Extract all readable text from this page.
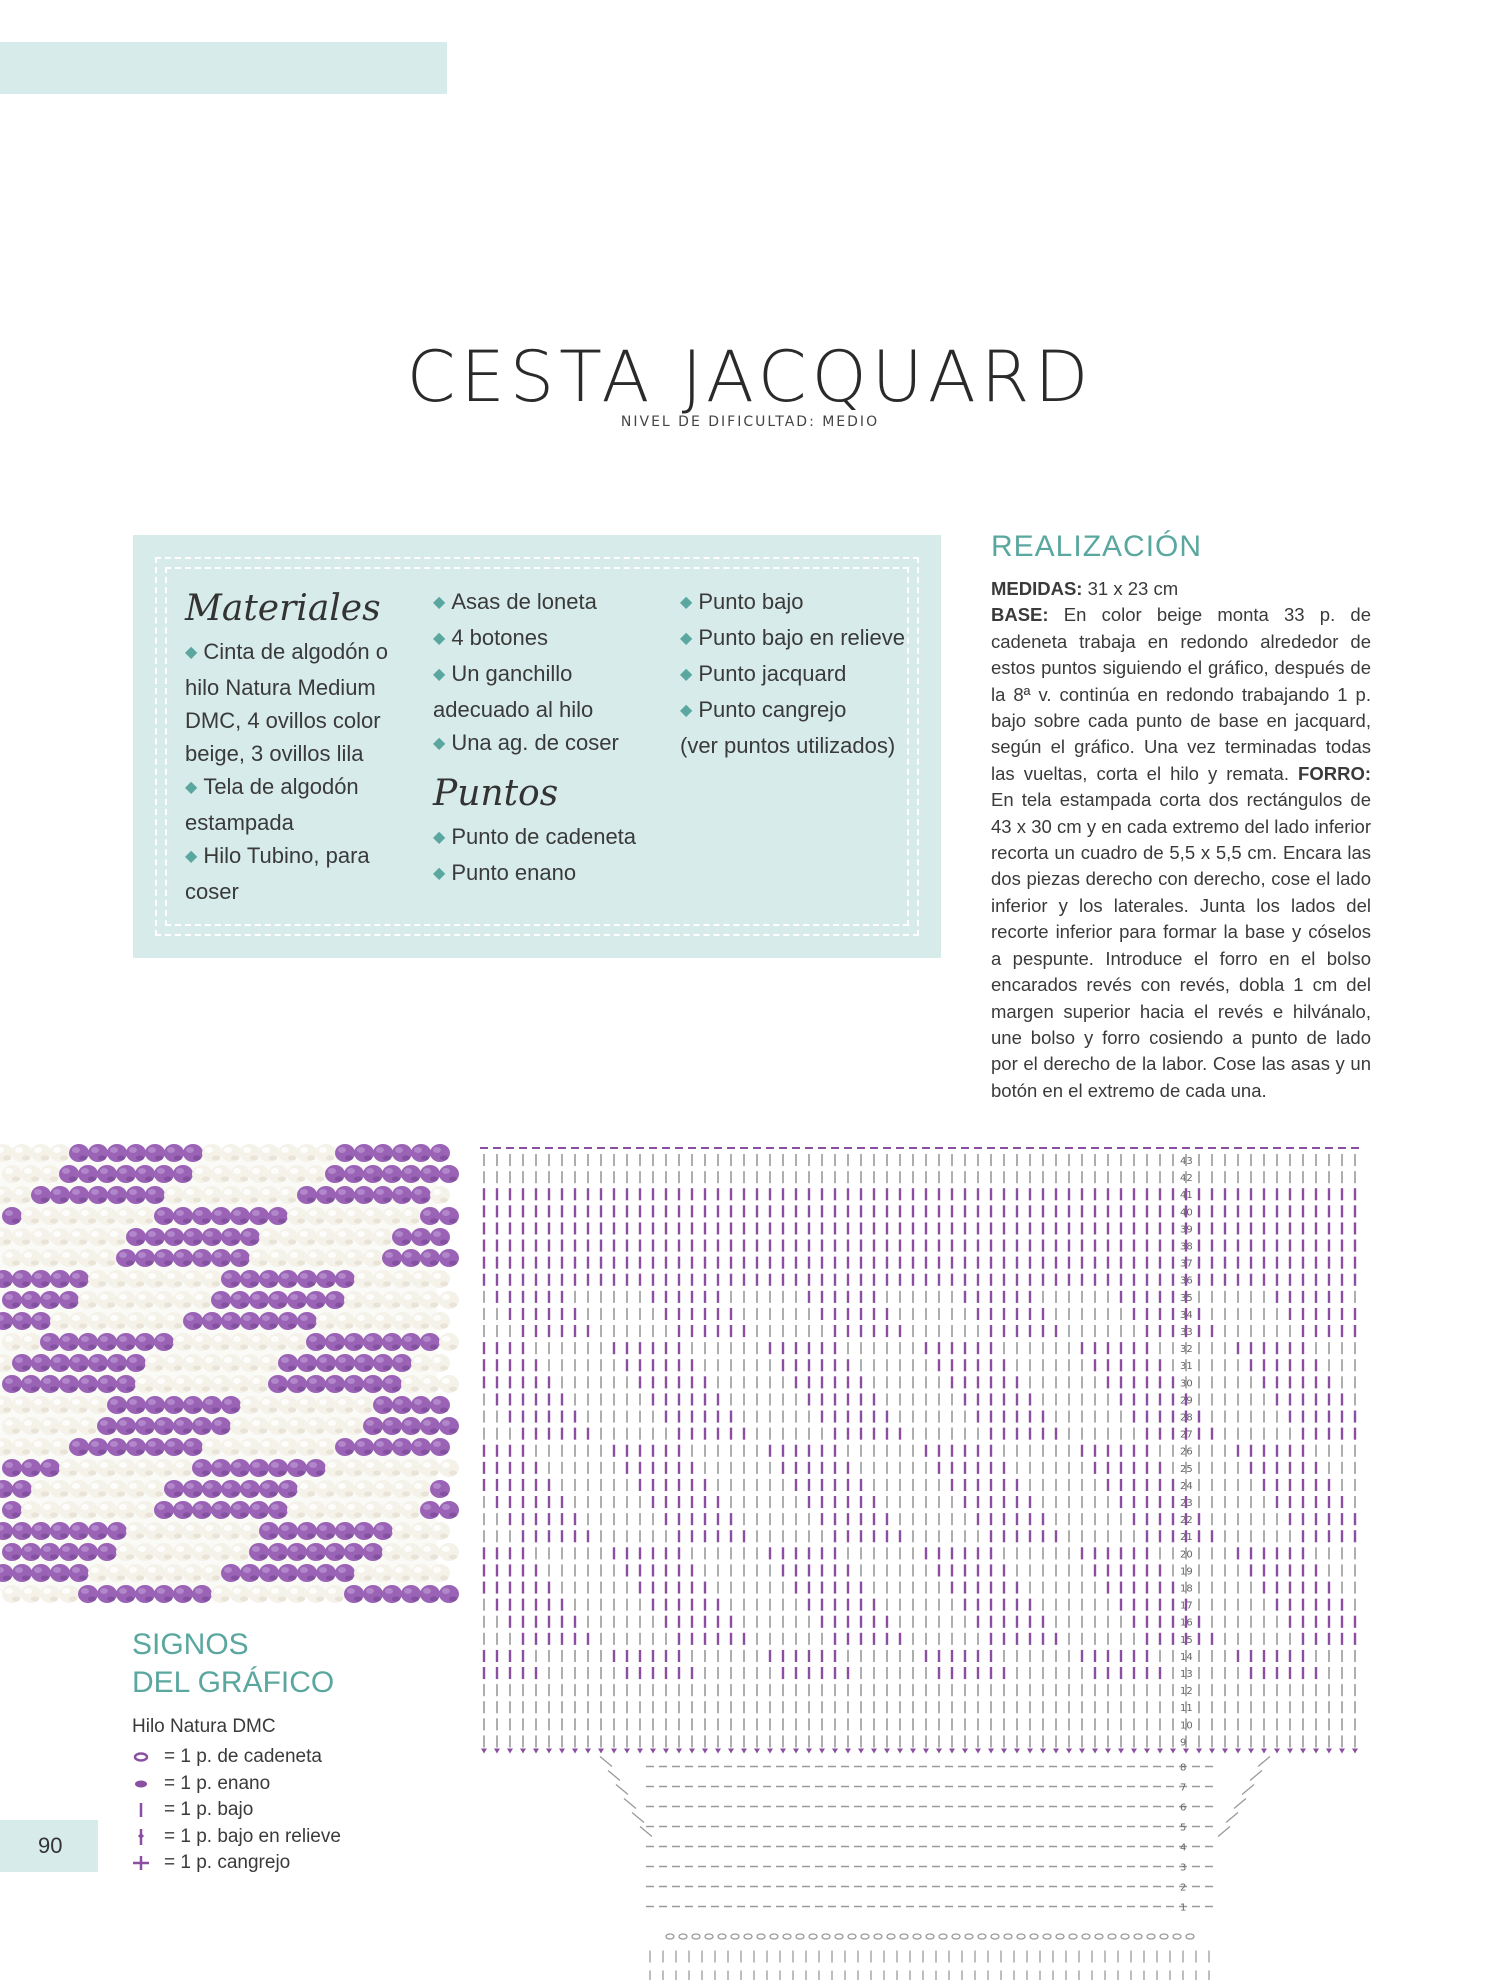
CESTA JACQUARD
NIVEL DE DIFICULTAD: MEDIO
Materiales
◆ Cinta de algodón o hilo Natura Medium DMC, 4 ovillos color beige, 3 ovillos lila
◆ Tela de algodón estampada
◆ Hilo Tubino, para coser
◆ Asas de loneta
◆ 4 botones
◆ Un ganchillo adecuado al hilo
◆ Una ag. de coser
Puntos
◆ Punto de cadeneta
◆ Punto enano
◆ Punto bajo
◆ Punto bajo en relieve
◆ Punto jacquard
◆ Punto cangrejo
(ver puntos utilizados)
REALIZACIÓN
MEDIDAS: 31 x 23 cm
BASE: En color beige monta 33 p. de cadeneta trabaja en redondo alrededor de estos puntos siguiendo el gráfico, después de la 8ª v. continúa en redondo trabajando 1 p. bajo sobre cada punto de base en jacquard, según el gráfico. Una vez terminadas todas las vueltas, corta el hilo y remata. FORRO: En tela estampada corta dos rectángulos de 43 x 30 cm y en cada extremo del lado inferior recorta un cuadro de 5,5 x 5,5 cm. Encara las dos piezas derecho con derecho, cose el lado inferior y los laterales. Junta los lados del recorte inferior para formar la base y cóselos a pespunte. Introduce el forro en el bolso encarados revés con revés, dobla 1 cm del margen superior hacia el revés e hilvánalo, une bolso y forro cosiendo a punto de lado por el derecho de la labor. Cose las asas y un botón en el extremo de cada una.
SIGNOS
DEL GRÁFICO
Hilo Natura DMC
= 1 p. de cadeneta
= 1 p. enano
= 1 p. bajo
= 1 p. bajo en relieve
= 1 p. cangrejo
90
1
2
3
4
5
6
7
8
9
10
11
12
13
14
15
16
17
18
19
20
21
22
23
24
25
26
27
28
29
30
31
32
33
34
35
36
37
38
39
40
41
42
43
